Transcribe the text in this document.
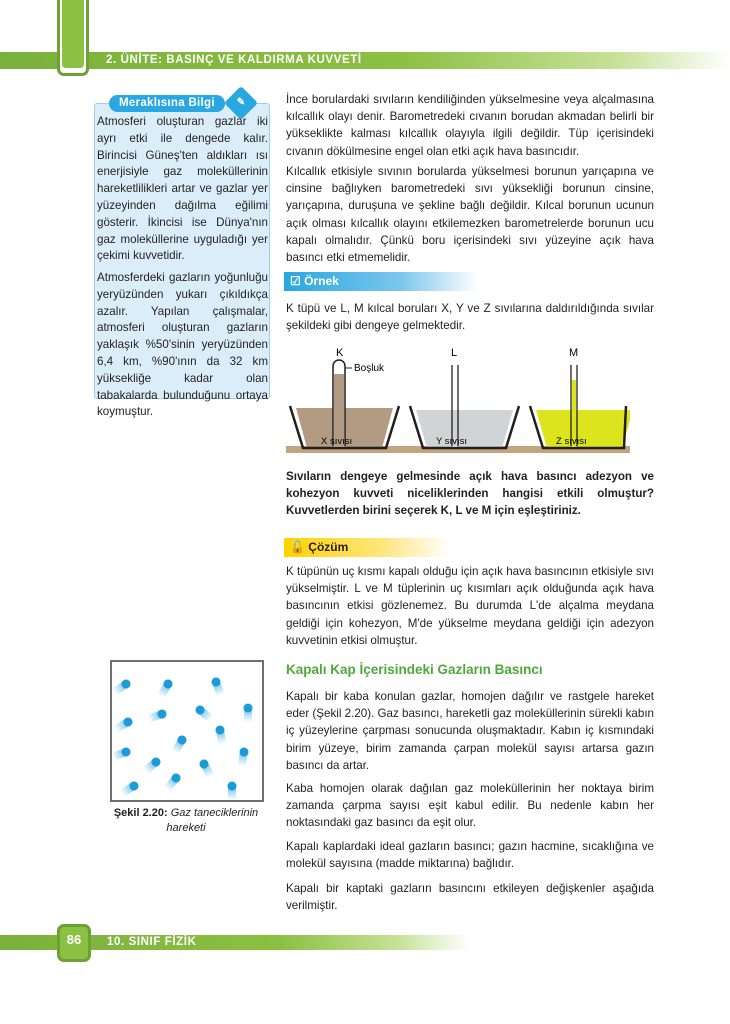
2. ÜNİTE: BASINÇ VE KALDIRMA KUVVETİ
Meraklısına Bilgi	✎
Atmosferi oluşturan gazlar iki ayrı etki ile dengede kalır. Birincisi Güneş'ten aldıkları ısı enerjisiyle gaz moleküllerinin hareketlilikleri artar ve gazlar yer yüzeyinden dağılma eğilimi gösterir. İkincisi ise Dünya'nın gaz moleküllerine uyguladığı yer çekimi kuvvetidir.
Atmosferdeki gazların yoğunluğu yeryüzünden yukarı çıkıldıkça azalır. Yapılan çalışmalar, atmosferi oluşturan gazların yaklaşık %50'sinin yeryüzünden 6,4 km, %90'ının da 32 km yüksekliğe kadar olan tabakalarda bulunduğunu ortaya koymuştur.
İnce borulardaki sıvıların kendiliğinden yükselmesine veya alçalmasına kılcallık olayı denir. Barometredeki cıvanın borudan akmadan belirli bir yükseklikte kalması kılcallık olayıyla ilgili değildir. Tüp içerisindeki cıvanın dökülmesine engel olan etki açık hava basıncıdır.
Kılcallık etkisiyle sıvının borularda yükselmesi borunun yarıçapına ve cinsine bağlıyken barometredeki sıvı yüksekliği borunun cinsine, yarıçapına, duruşuna ve şekline bağlı değildir. Kılcal borunun ucunun açık olması kılcallık olayını etkilemezken barometrelerde borunun ucu kapalı olmalıdır. Çünkü boru içerisindeki sıvı yüzeyine açık hava basıncı etki etmemelidir.
☑ Örnek
K tüpü ve L, M kılcal boruları X, Y ve Z sıvılarına daldırıldığında sıvılar şekildeki gibi dengeye gelmektedir.
K
Boşluk
X sıvısı
L
Y sıvısı
M
Z sıvısı
Sıvıların dengeye gelmesinde açık hava basıncı adezyon ve kohezyon kuvveti niceliklerinden hangisi etkili olmuştur? Kuvvetlerden birini seçerek K, L ve M için eşleştiriniz.
🔓 Çözüm
K tüpünün uç kısmı kapalı olduğu için açık hava basıncının etkisiyle sıvı yükselmiştir. L ve M tüplerinin uç kısımları açık olduğunda açık hava basıncının etkisi gözlenemez. Bu durumda L'de alçalma meydana geldiği için kohezyon, M'de yükselme meydana geldiği için adezyon kuvvetinin etkisi olmuştur.
Kapalı Kap İçerisindeki Gazların Basıncı
Kapalı bir kaba konulan gazlar, homojen dağılır ve rastgele hareket eder (Şekil 2.20). Gaz basıncı, hareketli gaz moleküllerinin sürekli kabın iç yüzeylerine çarpması sonucunda oluşmaktadır. Kabın iç kısmındaki birim yüzeye, birim zamanda çarpan molekül sayısı artarsa gazın basıncı da artar.
Kaba homojen olarak dağılan gaz moleküllerinin her noktaya birim zamanda çarpma sayısı eşit kabul edilir. Bu nedenle kabın her noktasındaki gaz basıncı da eşit olur.
Kapalı kaplardaki ideal gazların basıncı; gazın hacmine, sıcaklığına ve molekül sayısına (madde miktarına) bağlıdır.
Kapalı bir kaptaki gazların basıncını etkileyen değişkenler aşağıda verilmiştir.
Şekil 2.20: Gaz taneciklerinin hareketi
86	10. SINIF FİZİK
